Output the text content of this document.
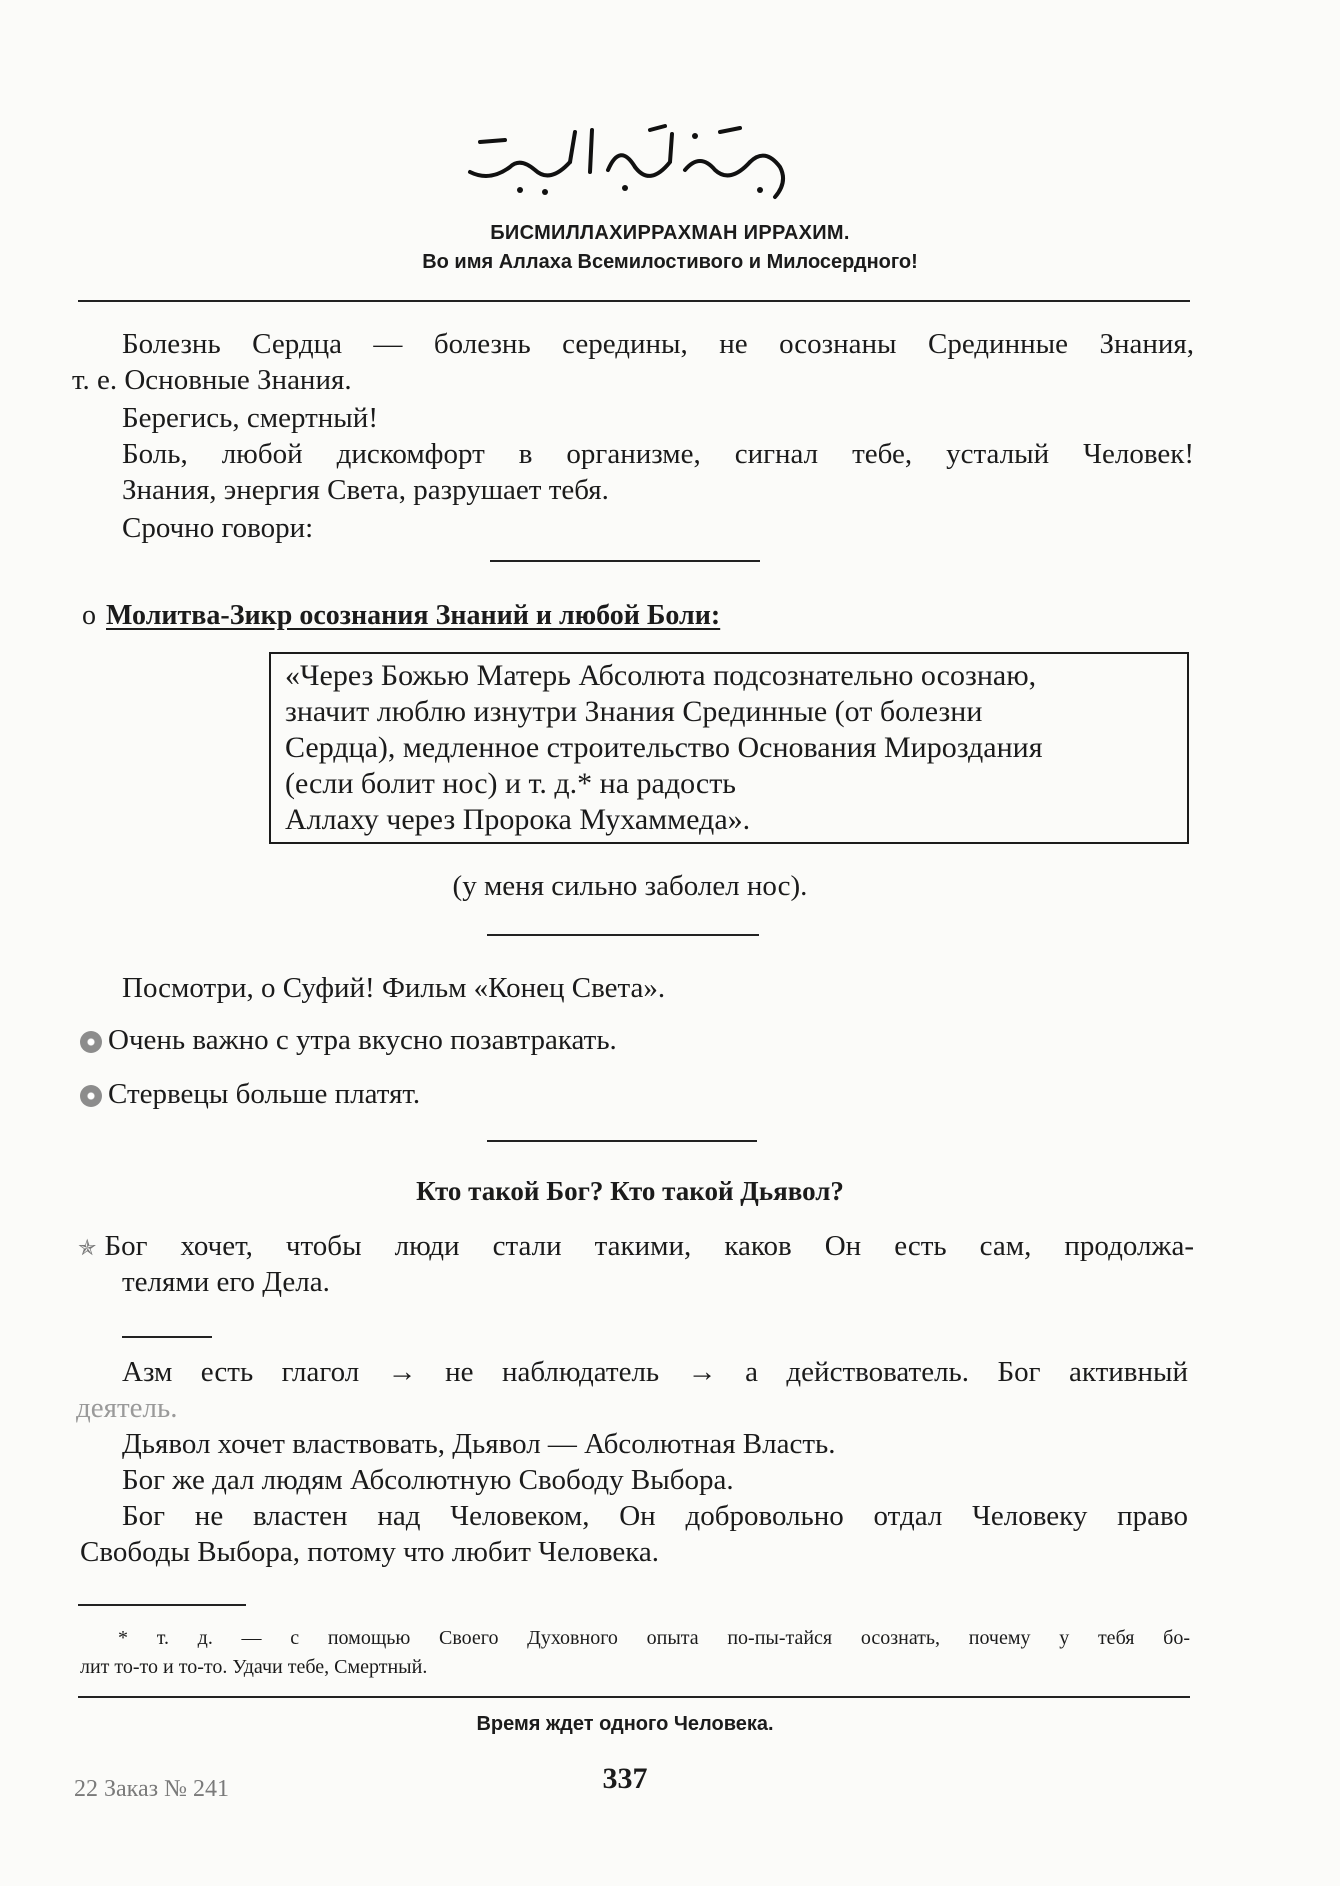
БИСМИЛЛАХИРРАХМАН ИРРАХИМ.
Во имя Аллаха Всемилостивого и Милосердного!
Болезнь Сердца — болезнь середины, не осознаны Срединные Знания,
т. е. Основные Знания.
Берегись, смертный!
Боль, любой дискомфорт в организме, сигнал тебе, усталый Человек!
Знания, энергия Света, разрушает тебя.
Срочно говори:
о Молитва-Зикр осознания Знаний и любой Боли:
«Через Божью Матерь Абсолюта подсознательно осознаю,
значит люблю изнутри Знания Срединные (от болезни
Сердца), медленное строительство Основания Мироздания
(если болит нос) и т. д.* на радость
Аллаху через Пророка Мухаммеда».
(у меня сильно заболел нос).
Посмотри, о Суфий! Фильм «Конец Света».
Очень важно с утра вкусно позавтракать.
Стервецы больше платят.
Кто такой Бог? Кто такой Дьявол?
✯ Бог хочет, чтобы люди стали такими, каков Он есть сам, продолжа-
телями его Дела.
Азм есть глагол → не наблюдатель → а действователь. Бог активный
деятель.
Дьявол хочет властвовать, Дьявол — Абсолютная Власть.
Бог же дал людям Абсолютную Свободу Выбора.
Бог не властен над Человеком, Он добровольно отдал Человеку право
Свободы Выбора, потому что любит Человека.
* т. д. — с помощью Своего Духовного опыта по-пы-тайся осознать, почему у тебя бо-
лит то-то и то-то. Удачи тебе, Смертный.
Время ждет одного Человека.
22 Заказ № 241	337
